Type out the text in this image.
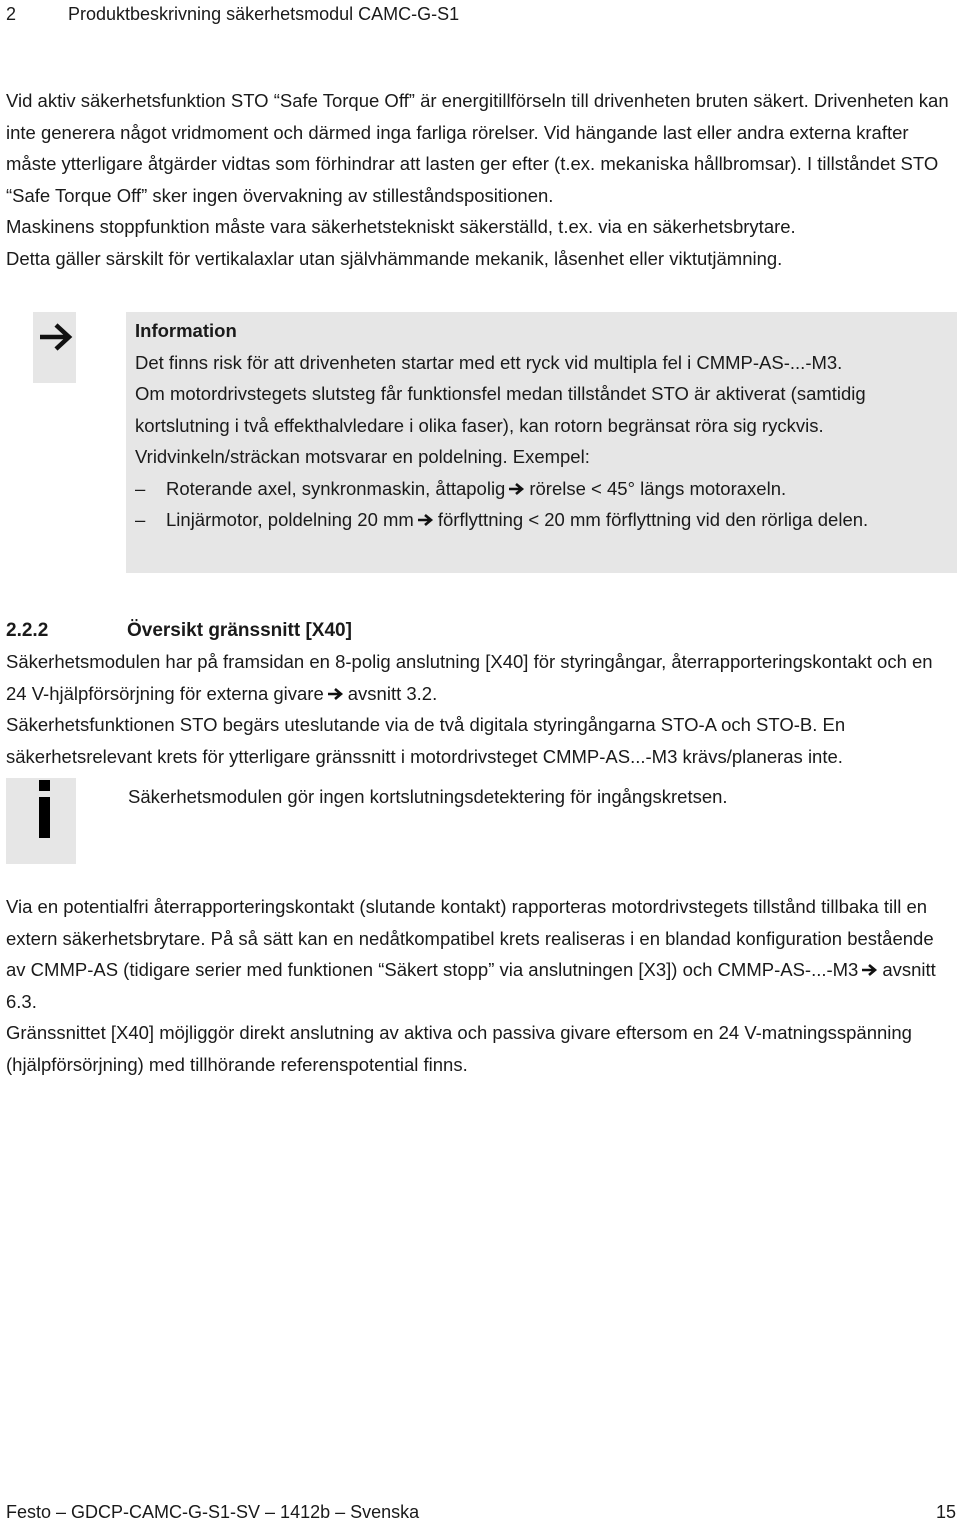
2	Produktbeskrivning säkerhetsmodul CAMC-G-S1

Vid aktiv säkerhetsfunktion STO “Safe Torque Off” är energitillförseln till drivenheten bruten säkert. Drivenheten kan inte generera något vridmoment och därmed inga farliga rörelser. Vid hängande last eller andra externa krafter måste ytterligare åtgärder vidtas som förhindrar att lasten ger efter (t.ex. mekaniska hållbromsar). I tillståndet STO “Safe Torque Off” sker ingen övervakning av stilleståndspositionen.

Maskinens stoppfunktion måste vara säkerhetstekniskt säkerställd, t.ex. via en säkerhetsbrytare.

Detta gäller särskilt för vertikalaxlar utan självhämmande mekanik, låsenhet eller viktutjämning.

Information

Det finns risk för att drivenheten startar med ett ryck vid multipla fel i CMMP-AS-...-M3.

Om motordrivstegets slutsteg får funktionsfel medan tillståndet STO är aktiverat (samtidig kortslutning i två effekthalvledare i olika faser), kan rotorn begränsat röra sig ryckvis. Vridvinkeln/sträckan motsvarar en poldelning. Exempel:

– Roterande axel, synkronmaskin, åttapolig rörelse < 45° längs motoraxeln.
– Linjärmotor, poldelning 20 mm förflyttning < 20 mm förflyttning vid den rörliga delen.
2.2.2	Översikt gränssnitt [X40]

Säkerhetsmodulen har på framsidan en 8-polig anslutning [X40] för styringångar, återrapporteringskontakt och en 24 V-hjälpförsörjning för externa givare avsnitt 3.2.

Säkerhetsfunktionen STO begärs uteslutande via de två digitala styringångarna STO-A och STO-B. En säkerhetsrelevant krets för ytterligare gränssnitt i motordrivsteget CMMP-AS...-M3 krävs/planeras inte.

Säkerhetsmodulen gör ingen kortslutningsdetektering för ingångskretsen.

Via en potentialfri återrapporteringskontakt (slutande kontakt) rapporteras motordrivstegets tillstånd tillbaka till en extern säkerhetsbrytare. På så sätt kan en nedåtkompatibel krets realiseras i en blandad konfiguration bestående av CMMP-AS (tidigare serier med funktionen “Säkert stopp” via anslutningen [X3]) och CMMP-AS-...-M3 avsnitt 6.3.

Gränssnittet [X40] möjliggör direkt anslutning av aktiva och passiva givare eftersom en 24 V-matningsspänning (hjälpförsörjning) med tillhörande referenspotential finns.

Festo – GDCP-CAMC-G-S1-SV – 1412b – Svenska	15
